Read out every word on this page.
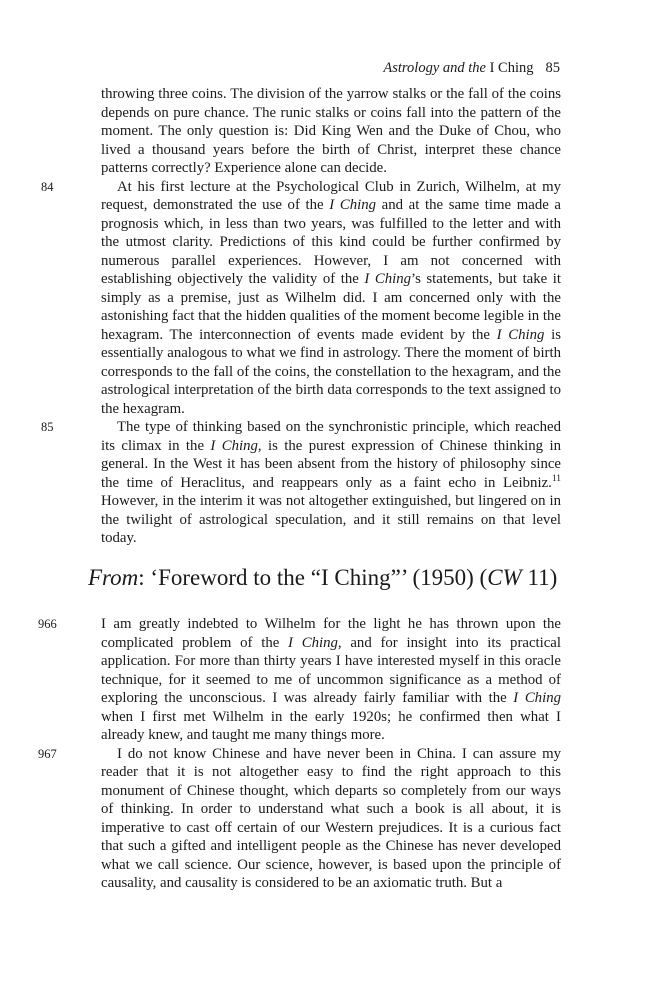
Astrology and the I Ching 85

throwing three coins. The division of the yarrow stalks or the fall of the coins depends on pure chance. The runic stalks or coins fall into the pattern of the moment. The only question is: Did King Wen and the Duke of Chou, who lived a thousand years before the birth of Christ, interpret these chance patterns correctly? Experience alone can decide.

84	At his first lecture at the Psychological Club in Zurich, Wilhelm, at my request, demonstrated the use of the I Ching and at the same time made a prognosis which, in less than two years, was fulfilled to the letter and with the utmost clarity. Predictions of this kind could be further confirmed by numerous parallel experiences. However, I am not concerned with establishing objectively the validity of the I Ching’s statements, but take it simply as a premise, just as Wilhelm did. I am concerned only with the astonishing fact that the hidden qualities of the moment become legible in the hexagram. The interconnection of events made evident by the I Ching is essentially analogous to what we find in astrology. There the moment of birth corresponds to the fall of the coins, the constellation to the hexagram, and the astrological interpretation of the birth data corresponds to the text assigned to the hexagram.

85	The type of thinking based on the synchronistic principle, which reached its climax in the I Ching, is the purest expression of Chinese thinking in general. In the West it has been absent from the history of philosophy since the time of Heraclitus, and reappears only as a faint echo in Leibniz.$^{11}$ However, in the interim it was not altogether extinguished, but lingered on in the twilight of astrological speculation, and it still remains on that level today.

From: ‘Foreword to the “I Ching”’ (1950) (CW 11)

966	I am greatly indebted to Wilhelm for the light he has thrown upon the complicated problem of the I Ching, and for insight into its practical application. For more than thirty years I have interested myself in this oracle technique, for it seemed to me of uncommon significance as a method of exploring the unconscious. I was already fairly familiar with the I Ching when I first met Wilhelm in the early 1920s; he confirmed then what I already knew, and taught me many things more.

967	I do not know Chinese and have never been in China. I can assure my reader that it is not altogether easy to find the right approach to this monument of Chinese thought, which departs so completely from our ways of thinking. In order to understand what such a book is all about, it is imperative to cast off certain of our Western prejudices. It is a curious fact that such a gifted and intelligent people as the Chinese has never developed what we call science. Our science, however, is based upon the principle of causality, and causality is considered to be an axiomatic truth. But a
